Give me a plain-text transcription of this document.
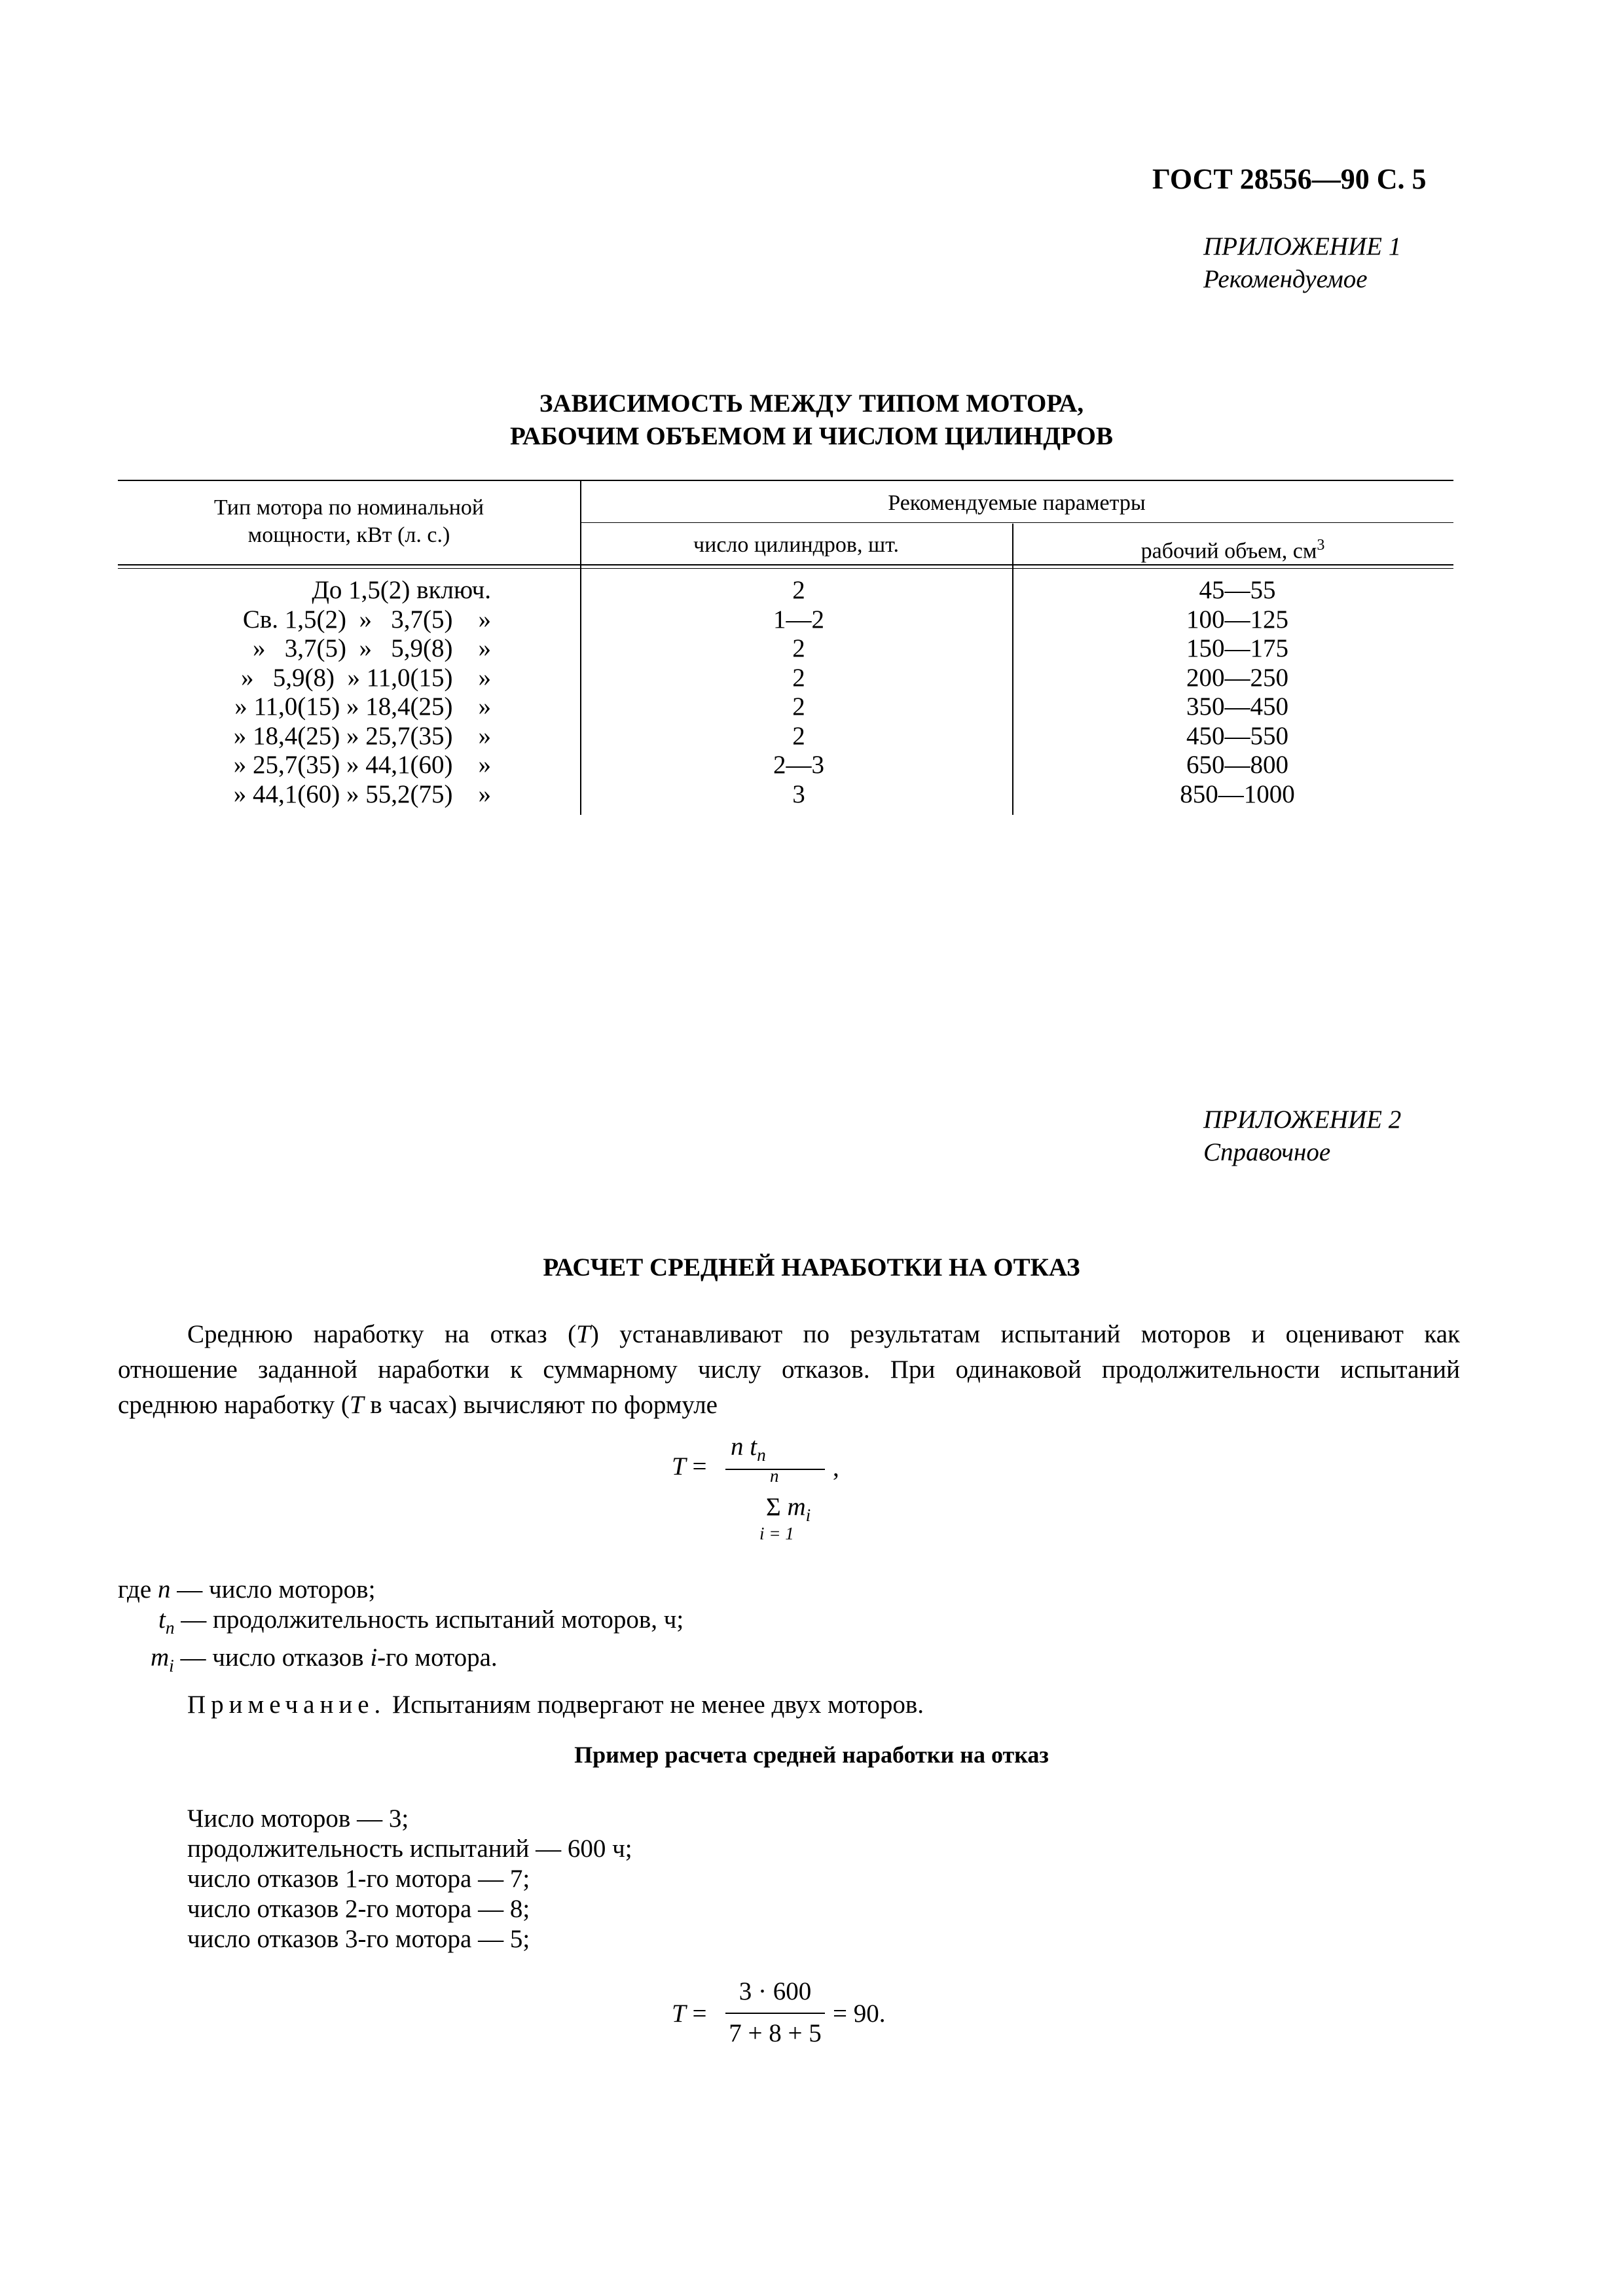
ГОСТ 28556—90 С. 5
ПРИЛОЖЕНИЕ 1
Рекомендуемое
ЗАВИСИМОСТЬ МЕЖДУ ТИПОМ МОТОРА,
РАБОЧИМ ОБЪЕМОМ И ЧИСЛОМ ЦИЛИНДРОВ
Тип мотора по номинальной
мощности, кВт (л. с.)
Рекомендуемые параметры
число цилиндров, шт.	рабочий объем, $см^3$
До 1,5(2) включ.	2	45—55
Св. 1,5(2)  »   3,7(5)    »	1—2	100—125
»   3,7(5)  »   5,9(8)    »	2	150—175
»   5,9(8)  » 11,0(15)    »	2	200—250
» 11,0(15) » 18,4(25)    »	2	350—450
» 18,4(25) » 25,7(35)    »	2	450—550
» 25,7(35) » 44,1(60)    »	2—3	650—800
» 44,1(60) » 55,2(75)    »	3	850—1000
ПРИЛОЖЕНИЕ 2
Справочное
РАСЧЕТ СРЕДНЕЙ НАРАБОТКИ НА ОТКАЗ
Среднюю наработку на отказ (T) устанавливают по результатам испытаний моторов и оценивают как
отношение заданной наработки к суммарному числу отказов. При одинаковой продолжительности испытаний
среднюю наработку (T в часах) вычисляют по формуле
T =
n $t_n$
n
Σ $m_i$
i = 1
,
где n — число моторов;
$t_n$ — продолжительность испытаний моторов, ч;
$m_i$ — число отказов i-го мотора.
Примечание. Испытаниям подвергают не менее двух моторов.
Пример расчета средней наработки на отказ
Число моторов — 3;
продолжительность испытаний — 600 ч;
число отказов 1-го мотора — 7;
число отказов 2-го мотора — 8;
число отказов 3-го мотора — 5;
T =
3 · 600
7 + 8 + 5
= 90.
